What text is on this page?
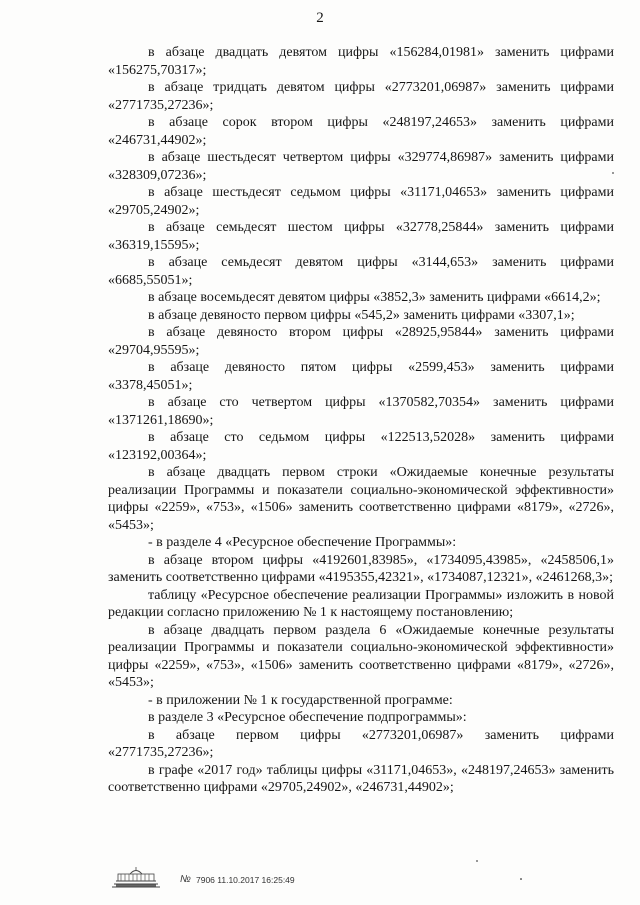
2

в абзаце двадцать девятом цифры «156284,01981» заменить цифрами «156275,70317»;

в абзаце тридцать девятом цифры «2773201,06987» заменить цифрами «2771735,27236»;

в абзаце сорок втором цифры «248197,24653» заменить цифрами «246731,44902»;

в абзаце шестьдесят четвертом цифры «329774,86987» заменить цифрами «328309,07236»;

в абзаце шестьдесят седьмом цифры «31171,04653» заменить цифрами «29705,24902»;

в абзаце семьдесят шестом цифры «32778,25844» заменить цифрами «36319,15595»;

в абзаце семьдесят девятом цифры «3144,653» заменить цифрами «6685,55051»;

в абзаце восемьдесят девятом цифры «3852,3» заменить цифрами «6614,2»;

в абзаце девяносто первом цифры «545,2» заменить цифрами «3307,1»;

в абзаце девяносто втором цифры «28925,95844» заменить цифрами «29704,95595»;

в абзаце девяносто пятом цифры «2599,453» заменить цифрами «3378,45051»;

в абзаце сто четвертом цифры «1370582,70354» заменить цифрами «1371261,18690»;

в абзаце сто седьмом цифры «122513,52028» заменить цифрами «123192,00364»;

в абзаце двадцать первом строки «Ожидаемые конечные результаты реализации Программы и показатели социально-экономической эффективности» цифры «2259», «753», «1506» заменить соответственно цифрами «8179», «2726», «5453»;

- в разделе 4 «Ресурсное обеспечение Программы»:

в абзаце втором цифры «4192601,83985», «1734095,43985», «2458506,1» заменить соответственно цифрами «4195355,42321», «1734087,12321», «2461268,3»;

таблицу «Ресурсное обеспечение реализации Программы» изложить в новой редакции согласно приложению № 1 к настоящему постановлению;

в абзаце двадцать первом раздела 6 «Ожидаемые конечные результаты реализации Программы и показатели социально-экономической эффективности» цифры «2259», «753», «1506» заменить соответственно цифрами «8179», «2726», «5453»;

- в приложении № 1 к государственной программе:

в разделе 3 «Ресурсное обеспечение подпрограммы»:

в абзаце первом цифры «2773201,06987» заменить цифрами «2771735,27236»;

в графе «2017 год» таблицы цифры «31171,04653», «248197,24653» заменить соответственно цифрами «29705,24902», «246731,44902»;

№ 7906 11.10.2017 16:25:49
